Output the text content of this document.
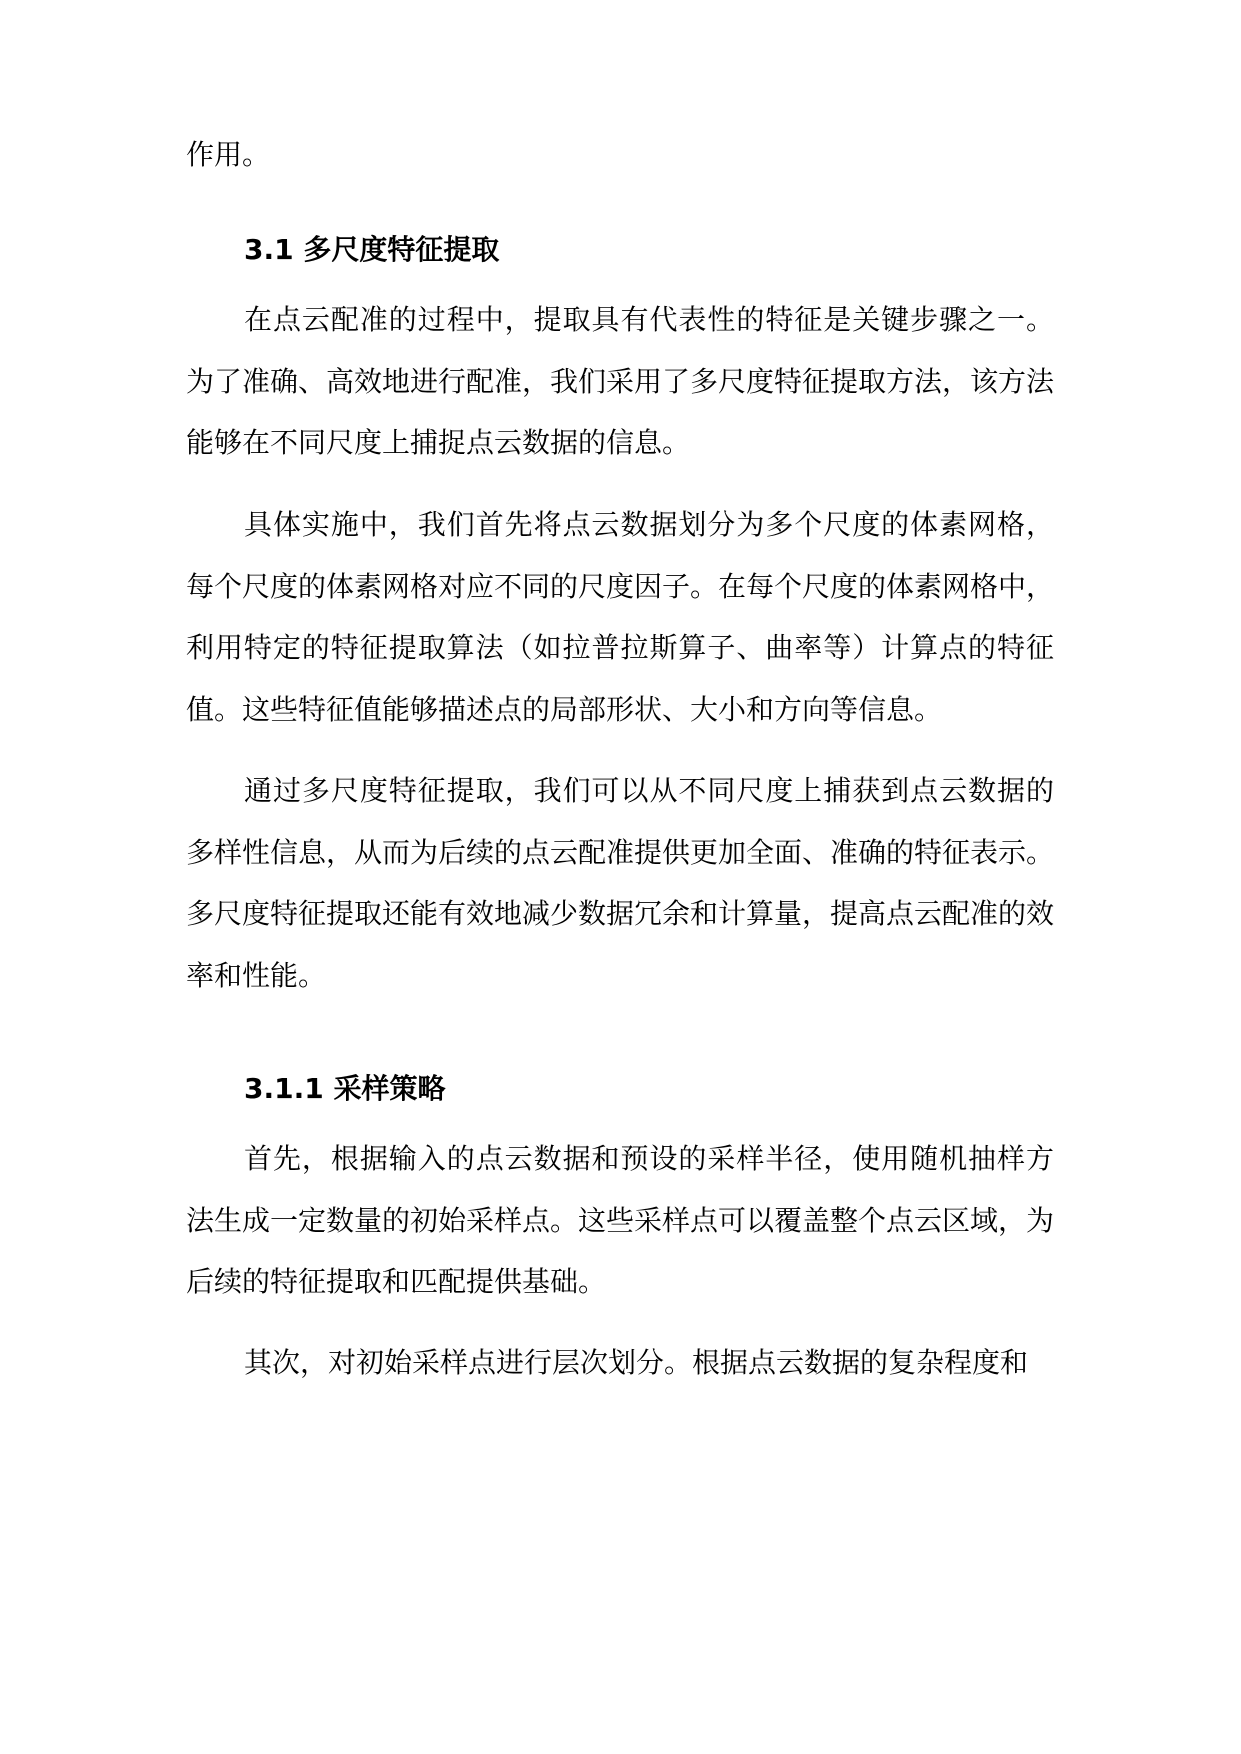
作用。

3.1 多尺度特征提取

在点云配准的过程中，提取具有代表性的特征是关键步骤之一。为了准确、高效地进行配准，我们采用了多尺度特征提取方法，该方法能够在不同尺度上捕捉点云数据的信息。

具体实施中，我们首先将点云数据划分为多个尺度的体素网格，每个尺度的体素网格对应不同的尺度因子。在每个尺度的体素网格中，利用特定的特征提取算法（如拉普拉斯算子、曲率等）计算点的特征值。这些特征值能够描述点的局部形状、大小和方向等信息。

通过多尺度特征提取，我们可以从不同尺度上捕获到点云数据的多样性信息，从而为后续的点云配准提供更加全面、准确的特征表示。多尺度特征提取还能有效地减少数据冗余和计算量，提高点云配准的效率和性能。

3.1.1 采样策略

首先，根据输入的点云数据和预设的采样半径，使用随机抽样方法生成一定数量的初始采样点。这些采样点可以覆盖整个点云区域，为后续的特征提取和匹配提供基础。

其次，对初始采样点进行层次划分。根据点云数据的复杂程度和
